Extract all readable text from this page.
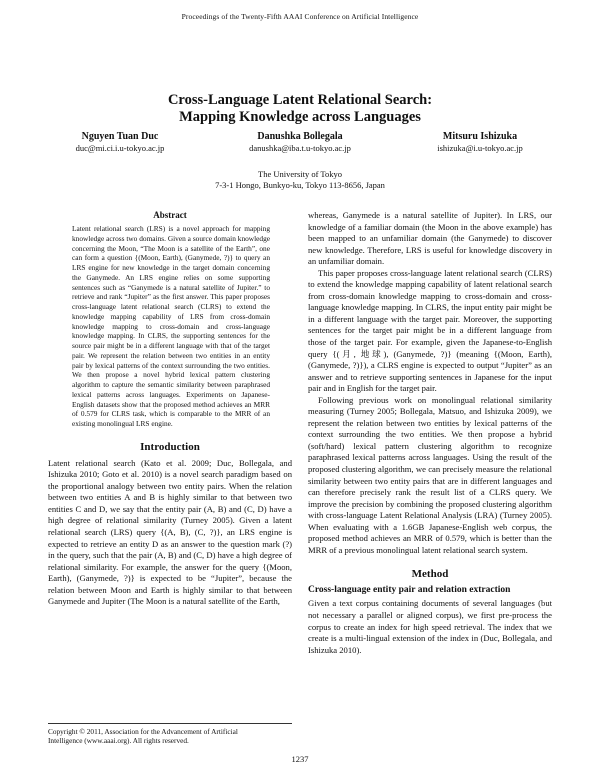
Proceedings of the Twenty-Fifth AAAI Conference on Artificial Intelligence
Cross-Language Latent Relational Search:
Mapping Knowledge across Languages
Nguyen Tuan Duc
duc@mi.ci.i.u-tokyo.ac.jp
Danushka Bollegala
danushka@iba.t.u-tokyo.ac.jp
Mitsuru Ishizuka
ishizuka@i.u-tokyo.ac.jp
The University of Tokyo
7-3-1 Hongo, Bunkyo-ku, Tokyo 113-8656, Japan
Abstract

Latent relational search (LRS) is a novel approach for mapping knowledge across two domains. Given a source domain knowledge concerning the Moon, “The Moon is a satellite of the Earth”, one can form a question {(Moon, Earth), (Ganymede, ?)} to query an LRS engine for new knowledge in the target domain concerning the Ganymede. An LRS engine relies on some supporting sentences such as “Ganymede is a natural satellite of Jupiter.” to retrieve and rank “Jupiter” as the first answer. This paper proposes cross-language latent relational search (CLRS) to extend the knowledge mapping capability of LRS from cross-domain knowledge mapping to cross-domain and cross-language knowledge mapping. In CLRS, the supporting sentences for the source pair might be in a different language with that of the target pair. We represent the relation between two entities in an entity pair by lexical patterns of the context surrounding the two entities. We then propose a novel hybrid lexical pattern clustering algorithm to capture the semantic similarity between paraphrased lexical patterns across languages. Experiments on Japanese-English datasets show that the proposed method achieves an MRR of 0.579 for CLRS task, which is comparable to the MRR of an existing monolingual LRS engine.

Introduction

Latent relational search (Kato et al. 2009; Duc, Bollegala, and Ishizuka 2010; Goto et al. 2010) is a novel search paradigm based on the proportional analogy between two entity pairs. When the relation between two entities A and B is highly similar to that between two entities C and D, we say that the entity pair (A, B) and (C, D) have a high degree of relational similarity (Turney 2005). Given a latent relational search (LRS) query {(A, B), (C, ?)}, an LRS engine is expected to retrieve an entity D as an answer to the question mark (?) in the query, such that the pair (A, B) and (C, D) have a high degree of relational similarity. For example, the answer for the query {(Moon, Earth), (Ganymede, ?)} is expected to be “Jupiter”, because the relation between Moon and Earth is highly similar to that between Ganymede and Jupiter (The Moon is a natural satellite of the Earth,

whereas, Ganymede is a natural satellite of Jupiter). In LRS, our knowledge of a familiar domain (the Moon in the above example) has been mapped to an unfamiliar domain (the Ganymede) to discover new knowledge. Therefore, LRS is useful for knowledge discovery in an unfamiliar domain.

This paper proposes cross-language latent relational search (CLRS) to extend the knowledge mapping capability of latent relational search from cross-domain knowledge mapping to cross-domain and cross-language knowledge mapping. In CLRS, the input entity pair might be in a different language with the target pair. Moreover, the supporting sentences for the target pair might be in a different language from those of the target pair. For example, given the Japanese-to-English query {(月, 地球), (Ganymede, ?)} (meaning {(Moon, Earth), (Ganymede, ?)}), a CLRS engine is expected to output “Jupiter” as an answer and to retrieve supporting sentences in Japanese for the input pair and in English for the target pair.

Following previous work on monolingual relational similarity measuring (Turney 2005; Bollegala, Matsuo, and Ishizuka 2009), we represent the relation between two entities by lexical patterns of the context surrounding the two entities. We then propose a hybrid (soft/hard) lexical pattern clustering algorithm to recognize paraphrased lexical patterns across languages. Using the result of the proposed clustering algorithm, we can precisely measure the relational similarity between two entity pairs that are in different languages and can therefore precisely rank the result list of a CLRS query. We improve the precision by combining the proposed clustering algorithm with cross-language Latent Relational Analysis (LRA) (Turney 2005). When evaluating with a 1.6GB Japanese-English web corpus, the proposed method achieves an MRR of 0.579, which is better than the MRR of a previous monolingual latent relational search system.

Method
Cross-language entity pair and relation extraction

Given a text corpus containing documents of several languages (but not necessary a parallel or aligned corpus), we first pre-process the corpus to create an index for high speed retrieval. The index that we create is a multi-lingual extension of the index in (Duc, Bollegala, and Ishizuka 2010).

Copyright © 2011, Association for the Advancement of Artificial
Intelligence (www.aaai.org). All rights reserved.
1237
